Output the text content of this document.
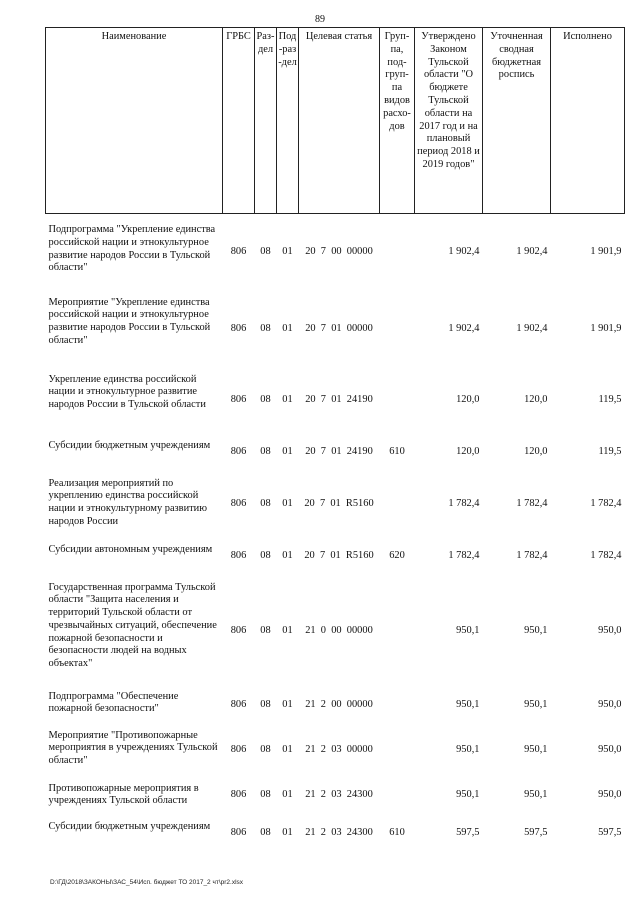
89
Наименование	ГРБС	Раз-дел	Под-раз-дел	Целевая статья	Груп-па, под-груп-па видов расхо-дов	Утверждено Законом Тульской области "О бюджете Тульской области на 2017 год и на плановый период 2018 и 2019 годов"	Уточненная сводная бюджетная роспись	Исполнено
Подпрограмма "Укрепление единства российской нации и этнокультурное развитие народов России в Тульской области"	806	08	01	20  7  00  00000		1 902,4	1 902,4	1 901,9
Мероприятие "Укрепление единства российской нации и этнокультурное развитие народов России в Тульской области"	806	08	01	20  7  01  00000		1 902,4	1 902,4	1 901,9
Укрепление единства российской нации и этнокультурное развитие народов России в Тульской области	806	08	01	20  7  01  24190		120,0	120,0	119,5
Субсидии бюджетным учреждениям	806	08	01	20  7  01  24190	610	120,0	120,0	119,5
Реализация мероприятий по укреплению единства российской нации и этнокультурному развитию народов России	806	08	01	20  7  01  R5160		1 782,4	1 782,4	1 782,4
Субсидии автономным учреждениям	806	08	01	20  7  01  R5160	620	1 782,4	1 782,4	1 782,4
Государственная программа Тульской области "Защита населения и территорий Тульской области от чрезвычайных ситуаций, обеспечение пожарной безопасности и безопасности людей на водных объектах"	806	08	01	21  0  00  00000		950,1	950,1	950,0
Подпрограмма "Обеспечение пожарной безопасности"	806	08	01	21  2  00  00000		950,1	950,1	950,0
Мероприятие "Противопожарные мероприятия в учреждениях Тульской области"	806	08	01	21  2  03  00000		950,1	950,1	950,0
Противопожарные мероприятия в учреждениях Тульской области	806	08	01	21  2  03  24300		950,1	950,1	950,0
Субсидии бюджетным учреждениям	806	08	01	21  2  03  24300	610	597,5	597,5	597,5
D:\ГД\2018\ЗАКОНЫ\ЗАС_54\Исп. бюджет ТО 2017_2 чт\pr2.xlsx
